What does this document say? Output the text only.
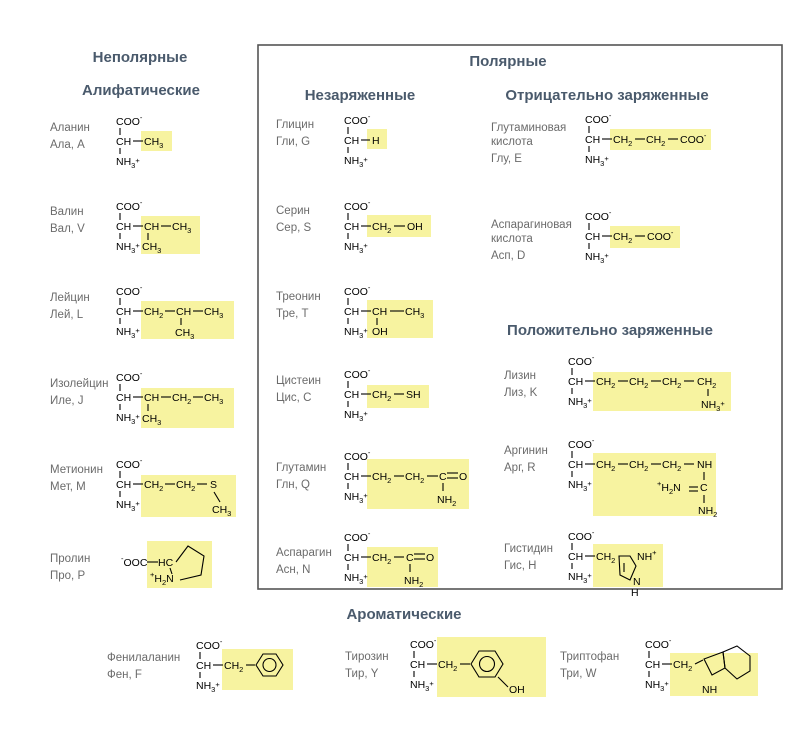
Неполярные
Алифатические
Полярные
Незаряженные	Отрицательно заряженные
Положительно заряженные
Ароматические
Аланин
Ала, A
COO-
CH
$NH_3^+$
$CH_3$
Валин
Вал, V
COO-
CH
$NH_3^+$
CH $CH_3$
$CH_3$
Лейцин
Лей, L
COO-
CH
$NH_3^+$
$CH_2$ CH $CH_3$
$CH_3$
Изолейцин
Иле, J
COO-
CH
$NH_3^+$
CH $CH_2$ $CH_3$
$CH_3$
Метионин
Мет, M
COO-
CH
$NH_3^+$
$CH_2$ $CH_2$ S
$CH_3$
Пролин
Про, P
-OOC HC
$^+H_2N$
Глицин
Гли, G
COO-
CH
$NH_3^+$
H
Серин
Сер, S
COO-
CH
$NH_3^+$
$CH_2$ OH
Треонин
Тре, T
COO-
CH
$NH_3^+$
CH $CH_3$
OH
Цистеин
Цис, C
COO-
CH
$NH_3^+$
$CH_2$ SH
Глутамин
Глн, Q
COO-
CH
$NH_3^+$
$CH_2$ $CH_2$ C O
$NH_2$
Аспарагин
Асн, N
COO-
CH
$NH_3^+$
$CH_2$ C O
$NH_2$
Глутаминовая
кислота
Глу, E
COO-
CH
$NH_3^+$
$CH_2$ $CH_2$ COO-
Аспарагиновая
кислота
Асп, D
COO-
CH
$NH_3^+$
$CH_2$ COO-
Лизин
Лиз, K
COO-
CH
$NH_3^+$
$CH_2$ $CH_2$ $CH_2$ $CH_2$
$NH_3^+$
Аргинин
Арг, R
COO-
CH
$NH_3^+$
$CH_2$ $CH_2$ $CH_2$ NH
C
$^+H_2N$
$NH_2$
Гистидин
Гис, H
COO-
CH
$NH_3^+$
$CH_2$ NH+
N
H
Фенилаланин
Фен, F
COO-
CH
$NH_3^+$
$CH_2$
Тирозин
Тир, Y
COO-
CH
$NH_3^+$
$CH_2$
OH
Триптофан
Три, W
COO-
CH
$NH_3^+$
$CH_2$
NH
